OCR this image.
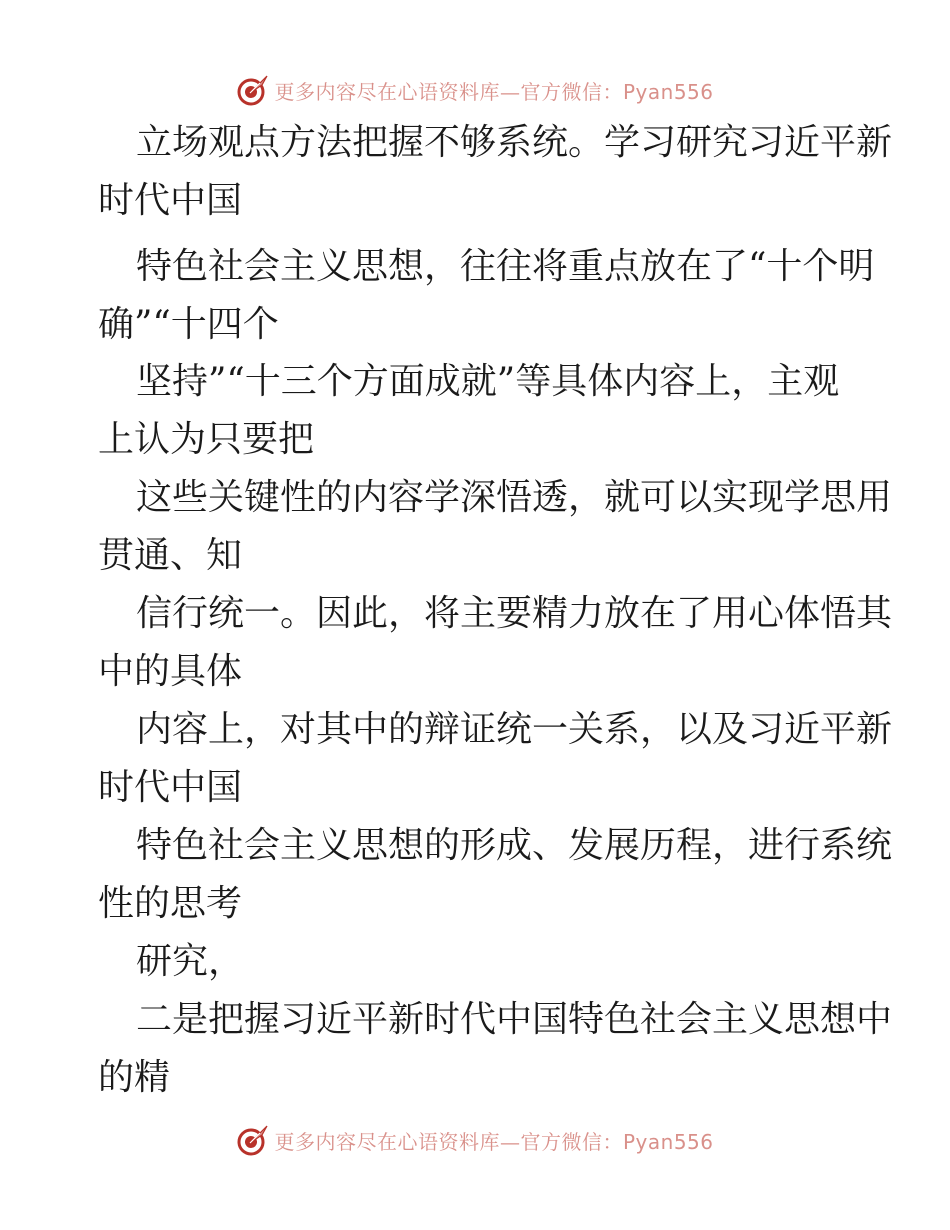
更多内容尽在心语资料库—官方微信：Pyan556
立场观点方法把握不够系统。学习研究习近平新
时代中国
特色社会主义思想，往往将重点放在了“十个明
确”“十四个
坚持”“十三个方面成就”等具体内容上，主观
上认为只要把
这些关键性的内容学深悟透，就可以实现学思用
贯通、知
信行统一。因此，将主要精力放在了用心体悟其
中的具体
内容上，对其中的辩证统一关系，以及习近平新
时代中国
特色社会主义思想的形成、发展历程，进行系统
性的思考
研究，
二是把握习近平新时代中国特色社会主义思想中
的精
更多内容尽在心语资料库—官方微信：Pyan556
